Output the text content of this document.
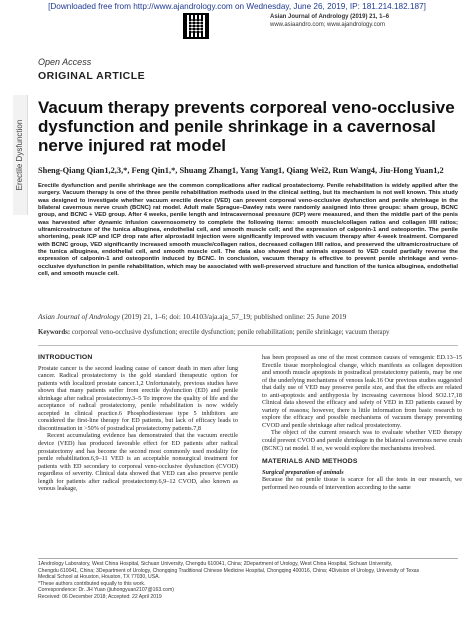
[Downloaded free from http://www.ajandrology.com on Wednesday, June 26, 2019, IP: 181.214.182.187]
Asian Journal of Andrology (2019) 21, 1–6
www.asiaandro.com; www.ajandrology.com
Open Access
ORIGINAL ARTICLE
Erectile Dysfunction
Vacuum therapy prevents corporeal veno-occlusive dysfunction and penile shrinkage in a cavernosal nerve injured rat model
Sheng-Qiang Qian1,2,3,*, Feng Qin1,*, Shuang Zhang1, Yang Yang1, Qiang Wei2, Run Wang4, Jiu-Hong Yuan1,2
Erectile dysfunction and penile shrinkage are the common complications after radical prostatectomy. Penile rehabilitation is widely applied after the surgery. Vacuum therapy is one of the three penile rehabilitation methods used in the clinical setting, but its mechanism is not well known. This study was designed to investigate whether vacuum erectile device (VED) can prevent corporeal veno-occlusive dysfunction and penile shrinkage in the bilateral cavernous nerve crush (BCNC) rat model. Adult male Sprague–Dawley rats were randomly assigned into three groups: sham group, BCNC group, and BCNC + VED group. After 4 weeks, penile length and intracavernosal pressure (ICP) were measured, and then the middle part of the penis was harvested after dynamic infusion cavernosometry to complete the following items: smooth muscle/collagen ratios and collagen I/III ratios; ultramicrostructure of the tunica albuginea, endothelial cell, and smooth muscle cell; and the expression of calponin-1 and osteopontin. The penile shortening, peak ICP and ICP drop rate after alprostadil injection were significantly improved with vacuum therapy after 4-week treatment. Compared with BCNC group, VED significantly increased smooth muscle/collagen ratios, decreased collagen I/III ratios, and preserved the ultramicrostructure of the tunica albuginea, endothelial cell, and smooth muscle cell. The data also showed that animals exposed to VED could partially reverse the expression of calponin-1 and osteopontin induced by BCNC. In conclusion, vacuum therapy is effective to prevent penile shrinkage and veno-occlusive dysfunction in penile rehabilitation, which may be associated with well-preserved structure and function of the tunica albuginea, endothelial cell, and smooth muscle cell.
Asian Journal of Andrology (2019) 21, 1–6; doi: 10.4103/aja.aja_57_19; published online: 25 June 2019
Keywords: corporeal veno-occlusive dysfunction; erectile dysfunction; penile rehabilitation; penile shrinkage; vacuum therapy
INTRODUCTION

Prostate cancer is the second leading cause of cancer death in men after lung cancer. Radical prostatectomy is the gold standard therapeutic option for patients with localized prostate cancer.1,2 Unfortunately, previous studies have shown that many patients suffer from erectile dysfunction (ED) and penile shrinkage after radical prostatectomy.3–5 To improve the quality of life and the acceptance of radical prostatectomy, penile rehabilitation is now widely accepted in clinical practice.6 Phosphodiesterase type 5 inhibitors are considered the first-line therapy for ED patients, but lack of efficacy leads to discontinuation in >50% of postradical prostatectomy patients.7,8

Recent accumulating evidence has demonstrated that the vacuum erectile device (VED) has produced favorable effect for ED patients after radical prostatectomy and has become the second most commonly used modality for penile rehabilitation.6,9–11 VED is an acceptable nonsurgical treatment for patients with ED secondary to corporeal veno-occlusive dysfunction (CVOD) regardless of severity. Clinical data showed that VED can also preserve penile length for patients after radical prostatectomy.6,9–12 CVOD, also known as venous leakage,

has been proposed as one of the most common causes of venogenic ED.13–15 Erectile tissue morphological change, which manifests as collagen deposition and smooth muscle apoptosis in postradical prostatectomy patients, may be one of the underlying mechanisms of venous leak.16 Our previous studies suggested that daily use of VED may preserve penile size, and that the effects are related to anti-apoptosis and antihypoxia by increasing cavernous blood SO2.17,18 Clinical data showed the efficacy and safety of VED in ED patients caused by variety of reasons; however, there is little information from basic research to explore the efficacy and possible mechanisms of vacuum therapy preventing CVOD and penile shrinkage after radical prostatectomy.

The object of the current research was to evaluate whether VED therapy could prevent CVOD and penile shrinkage in the bilateral cavernous nerve crush (BCNC) rat model. If so, we would explore the mechanisms involved.

MATERIALS AND METHODS

Surgical preparation of animals

Because the rat penile tissue is scarce for all the tests in our research, we performed two rounds of intervention according to the same

1Andrology Laboratory, West China Hospital, Sichuan University, Chengdu 610041, China; 2Department of Urology, West China Hospital, Sichuan University,
Chengdu 610041, China; 3Department of Urology, Chongqing Traditional Chinese Medicine Hospital, Chongqing 400016, China; 4Division of Urology, University of Texas
Medical School at Houston, Houston, TX 77030, USA.
*These authors contributed equally to this work.
Correspondence: Dr. JH Yuan (jiuhongyuan2107@163.com)
Received: 06 December 2018; Accepted: 22 April 2019
